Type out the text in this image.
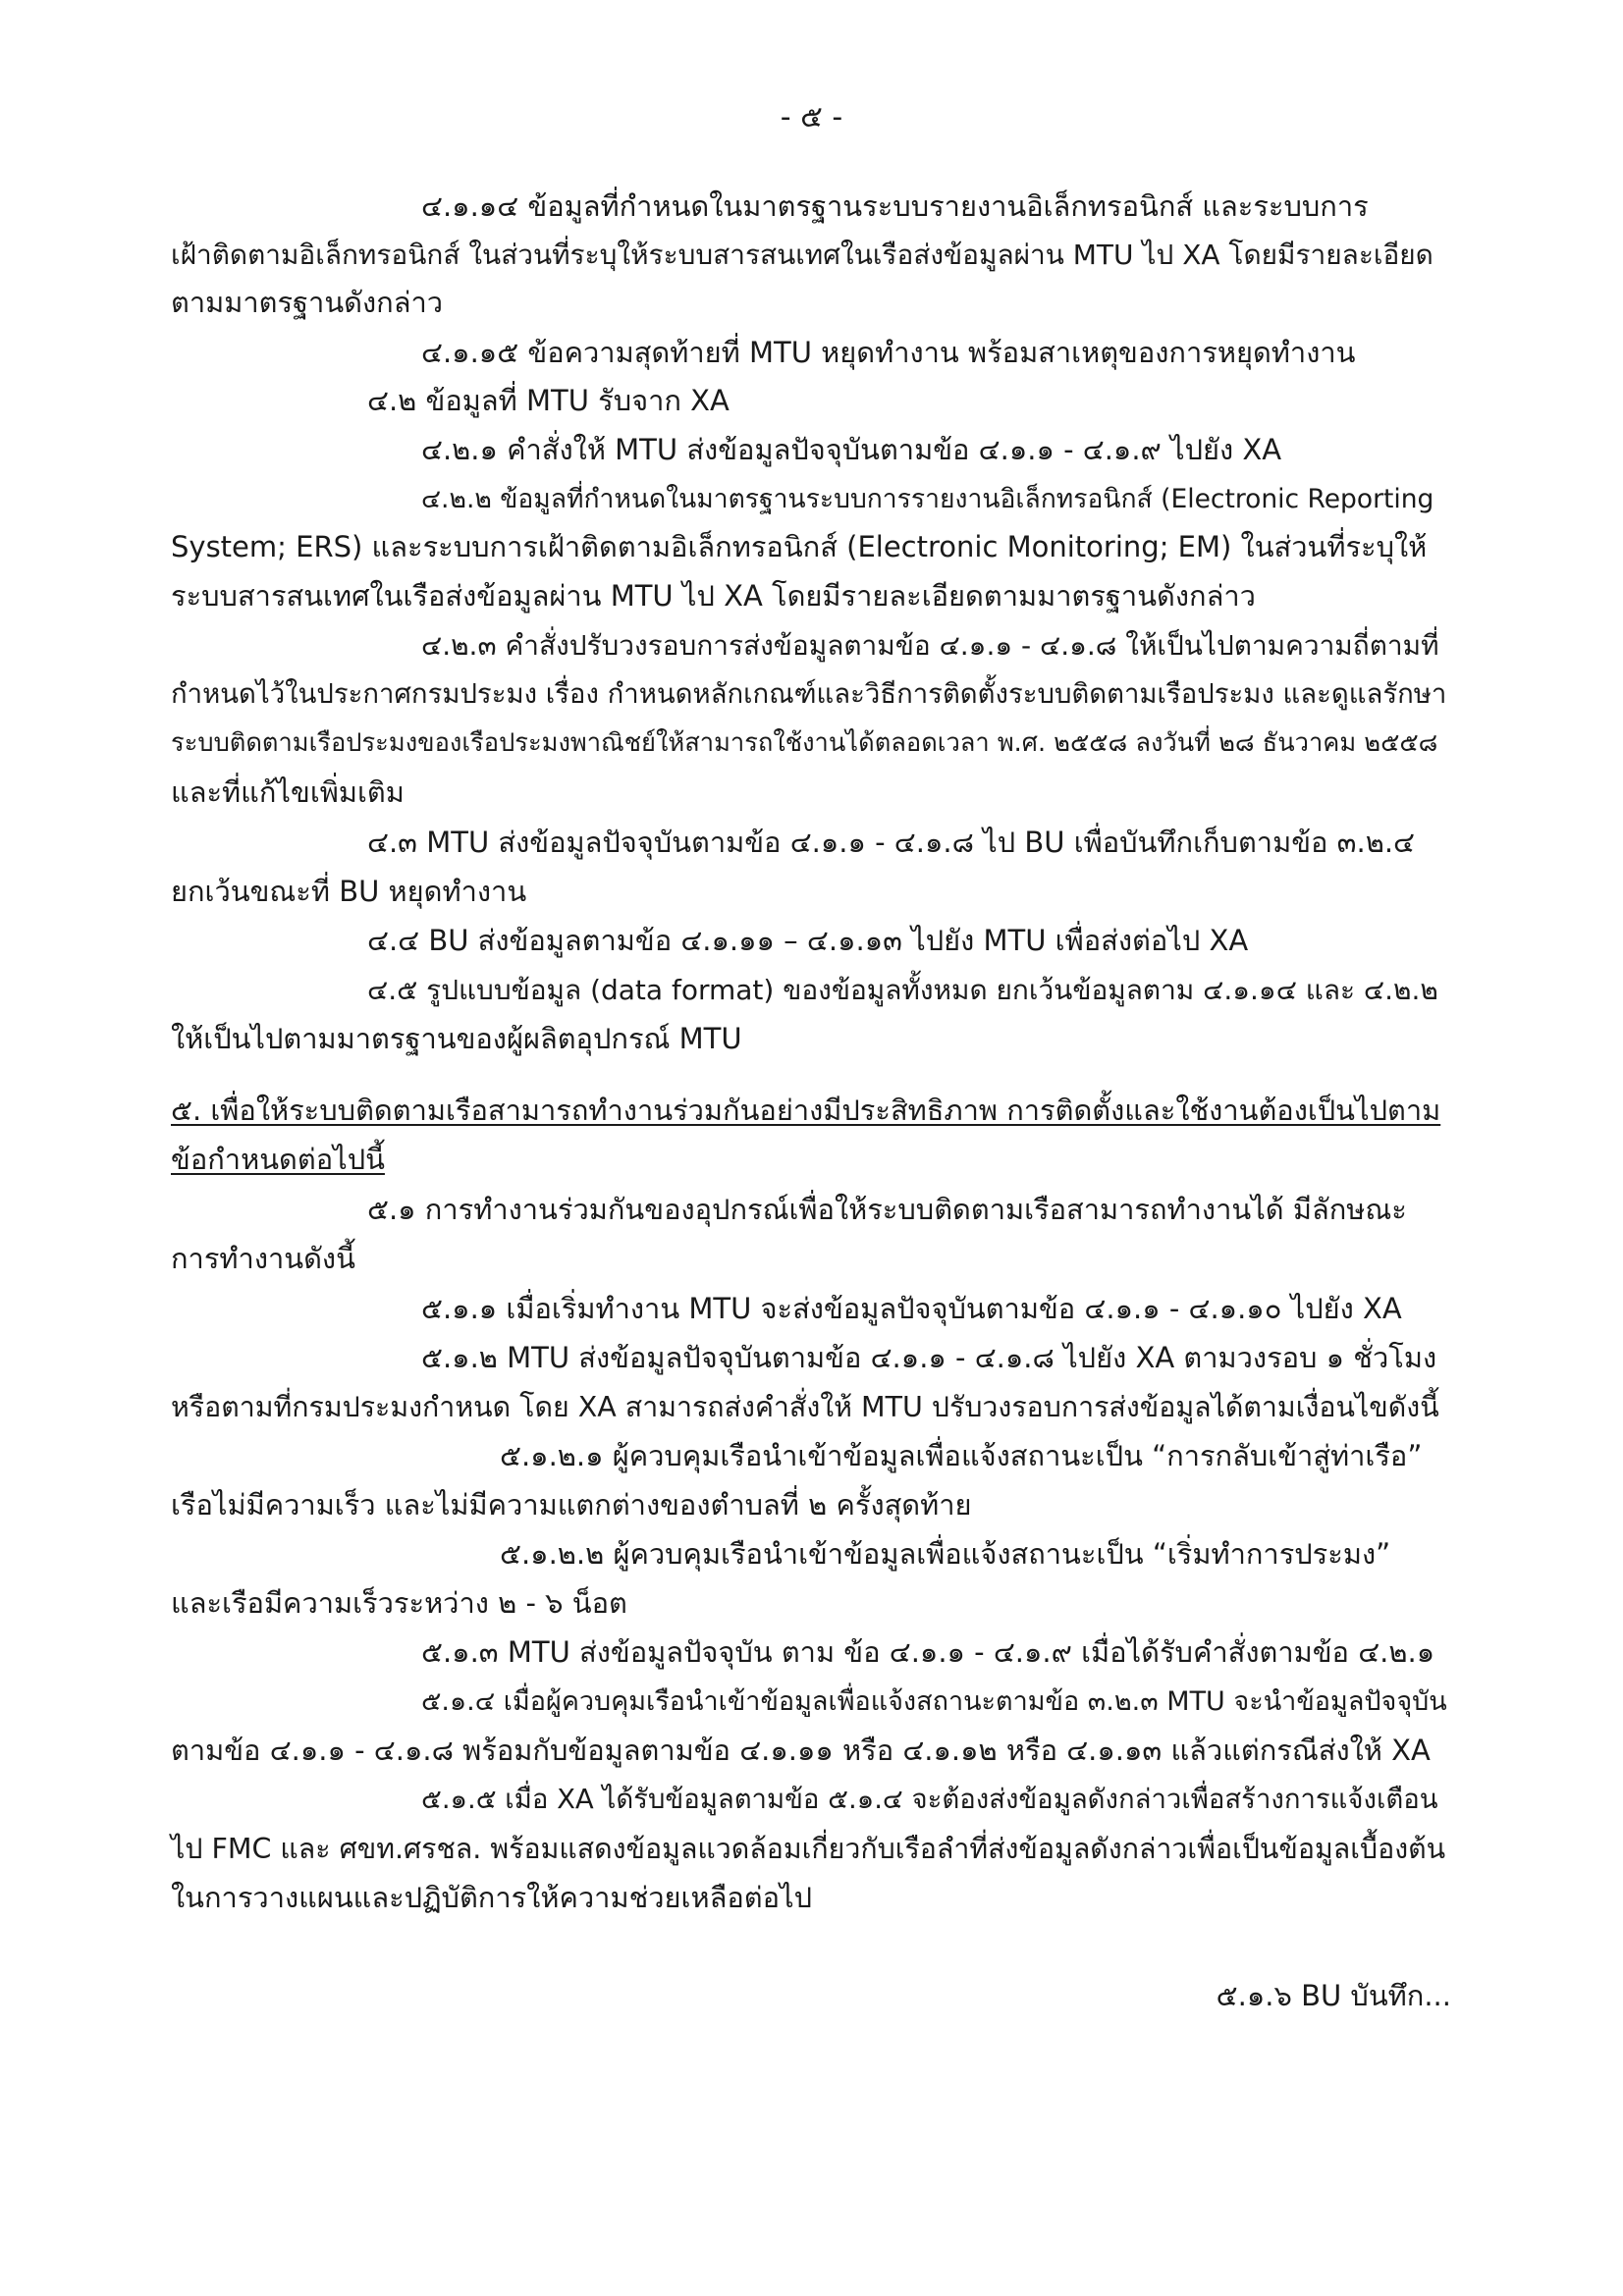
- ๕ -
๔.๑.๑๔ ข้อมูลที่กำหนดในมาตรฐานระบบรายงานอิเล็กทรอนิกส์ และระบบการ
เฝ้าติดตามอิเล็กทรอนิกส์ ในส่วนที่ระบุให้ระบบสารสนเทศในเรือส่งข้อมูลผ่าน MTU ไป XA โดยมีรายละเอียด
ตามมาตรฐานดังกล่าว
๔.๑.๑๕ ข้อความสุดท้ายที่ MTU หยุดทำงาน พร้อมสาเหตุของการหยุดทำงาน
๔.๒ ข้อมูลที่ MTU รับจาก XA
๔.๒.๑ คำสั่งให้ MTU ส่งข้อมูลปัจจุบันตามข้อ ๔.๑.๑ - ๔.๑.๙ ไปยัง XA
๔.๒.๒ ข้อมูลที่กำหนดในมาตรฐานระบบการรายงานอิเล็กทรอนิกส์ (Electronic Reporting
System; ERS) และระบบการเฝ้าติดตามอิเล็กทรอนิกส์ (Electronic Monitoring; EM) ในส่วนที่ระบุให้
ระบบสารสนเทศในเรือส่งข้อมูลผ่าน MTU ไป XA โดยมีรายละเอียดตามมาตรฐานดังกล่าว
๔.๒.๓ คำสั่งปรับวงรอบการส่งข้อมูลตามข้อ ๔.๑.๑ - ๔.๑.๘ ให้เป็นไปตามความถี่ตามที่
กำหนดไว้ในประกาศกรมประมง เรื่อง กำหนดหลักเกณฑ์และวิธีการติดตั้งระบบติดตามเรือประมง และดูแลรักษา
ระบบติดตามเรือประมงของเรือประมงพาณิชย์ให้สามารถใช้งานได้ตลอดเวลา พ.ศ. ๒๕๕๘ ลงวันที่ ๒๘ ธันวาคม ๒๕๕๘
และที่แก้ไขเพิ่มเติม
๔.๓ MTU ส่งข้อมูลปัจจุบันตามข้อ ๔.๑.๑ - ๔.๑.๘ ไป BU เพื่อบันทึกเก็บตามข้อ ๓.๒.๔
ยกเว้นขณะที่ BU หยุดทำงาน
๔.๔ BU ส่งข้อมูลตามข้อ ๔.๑.๑๑ – ๔.๑.๑๓ ไปยัง MTU เพื่อส่งต่อไป XA
๔.๕ รูปแบบข้อมูล (data format) ของข้อมูลทั้งหมด ยกเว้นข้อมูลตาม ๔.๑.๑๔ และ ๔.๒.๒
ให้เป็นไปตามมาตรฐานของผู้ผลิตอุปกรณ์ MTU
๕. เพื่อให้ระบบติดตามเรือสามารถทำงานร่วมกันอย่างมีประสิทธิภาพ การติดตั้งและใช้งานต้องเป็นไปตาม
ข้อกำหนดต่อไปนี้
๕.๑ การทำงานร่วมกันของอุปกรณ์เพื่อให้ระบบติดตามเรือสามารถทำงานได้ มีลักษณะ
การทำงานดังนี้
๕.๑.๑ เมื่อเริ่มทำงาน MTU จะส่งข้อมูลปัจจุบันตามข้อ ๔.๑.๑ - ๔.๑.๑๐ ไปยัง XA
๕.๑.๒ MTU ส่งข้อมูลปัจจุบันตามข้อ ๔.๑.๑ - ๔.๑.๘ ไปยัง XA ตามวงรอบ ๑ ชั่วโมง
หรือตามที่กรมประมงกำหนด โดย XA สามารถส่งคำสั่งให้ MTU ปรับวงรอบการส่งข้อมูลได้ตามเงื่อนไขดังนี้
๕.๑.๒.๑ ผู้ควบคุมเรือนำเข้าข้อมูลเพื่อแจ้งสถานะเป็น “การกลับเข้าสู่ท่าเรือ”
เรือไม่มีความเร็ว และไม่มีความแตกต่างของตำบลที่ ๒ ครั้งสุดท้าย
๕.๑.๒.๒ ผู้ควบคุมเรือนำเข้าข้อมูลเพื่อแจ้งสถานะเป็น “เริ่มทำการประมง”
และเรือมีความเร็วระหว่าง ๒ - ๖ น็อต
๕.๑.๓ MTU ส่งข้อมูลปัจจุบัน ตาม ข้อ ๔.๑.๑ - ๔.๑.๙ เมื่อได้รับคำสั่งตามข้อ ๔.๒.๑
๕.๑.๔ เมื่อผู้ควบคุมเรือนำเข้าข้อมูลเพื่อแจ้งสถานะตามข้อ ๓.๒.๓ MTU จะนำข้อมูลปัจจุบัน
ตามข้อ ๔.๑.๑ - ๔.๑.๘ พร้อมกับข้อมูลตามข้อ ๔.๑.๑๑ หรือ ๔.๑.๑๒ หรือ ๔.๑.๑๓ แล้วแต่กรณีส่งให้ XA
๕.๑.๕ เมื่อ XA ได้รับข้อมูลตามข้อ ๕.๑.๔ จะต้องส่งข้อมูลดังกล่าวเพื่อสร้างการแจ้งเตือน
ไป FMC และ ศขท.ศรชล. พร้อมแสดงข้อมูลแวดล้อมเกี่ยวกับเรือลำที่ส่งข้อมูลดังกล่าวเพื่อเป็นข้อมูลเบื้องต้น
ในการวางแผนและปฏิบัติการให้ความช่วยเหลือต่อไป
๕.๑.๖ BU บันทึก...
